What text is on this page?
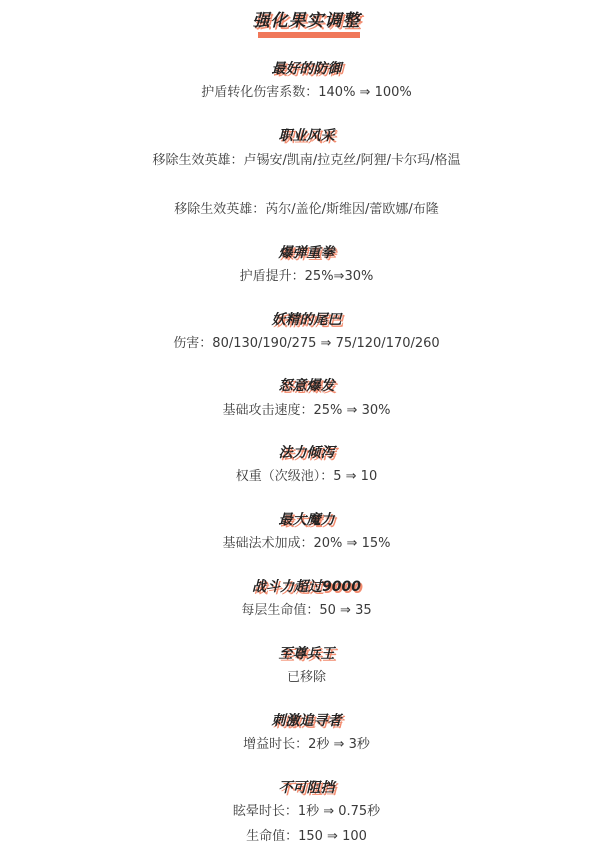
强化果实调整
最好的防御
护盾转化伤害系数：140% ⇒ 100%
职业风采
移除生效英雄：卢锡安/凯南/拉克丝/阿狸/卡尔玛/格温
移除生效英雄：芮尔/盖伦/斯维因/蕾欧娜/布隆
爆弹重拳
护盾提升：25%⇒30%
妖精的尾巴
伤害：80/130/190/275 ⇒ 75/120/170/260
怒意爆发
基础攻击速度：25% ⇒ 30%
法力倾泻
权重（次级池）：5 ⇒ 10
最大魔力
基础法术加成：20% ⇒ 15%
战斗力超过9000
每层生命值：50 ⇒ 35
至尊兵王
已移除
刺激追寻者
增益时长：2秒 ⇒ 3秒
不可阻挡
眩晕时长：1秒 ⇒ 0.75秒
生命值：150 ⇒ 100
